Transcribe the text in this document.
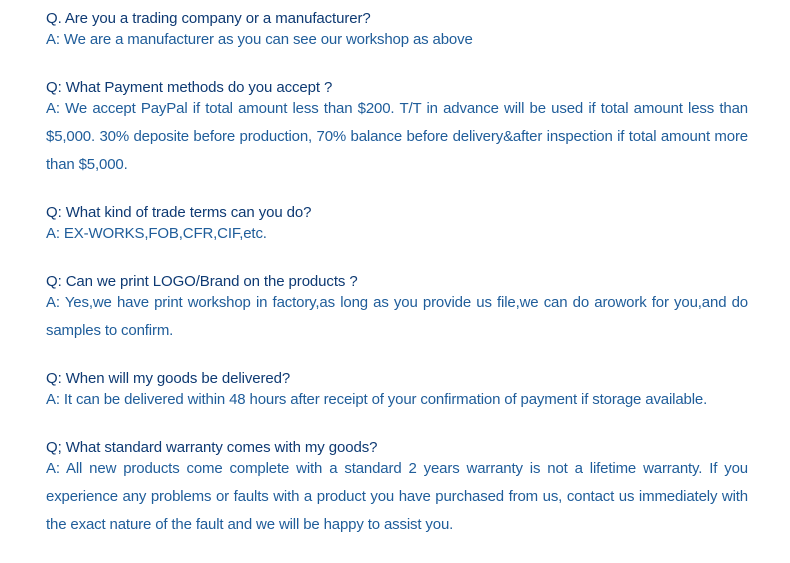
Q. Are you a trading company or a manufacturer?
A: We are a manufacturer as you can see our workshop as above
Q: What Payment methods do you accept ?
A: We accept PayPal if total amount less than $200. T/T in advance will be used if total amount less than $5,000. 30% deposite before production, 70% balance before delivery&after inspection if total amount more than $5,000.
Q: What kind of trade terms can you do?
A: EX-WORKS,FOB,CFR,CIF,etc.
Q: Can we print LOGO/Brand on the products ?
A: Yes,we have print workshop in factory,as long as you provide us file,we can do arowork for you,and do samples to confirm.
Q: When will my goods be delivered?
A: It can be delivered within 48 hours after receipt of your confirmation of payment if storage available.
Q; What standard warranty comes with my goods?
A: All new products come complete with a standard 2 years warranty is not a lifetime warranty. If you experience any problems or faults with a product you have purchased from us, contact us immediately with the exact nature of the fault and we will be happy to assist you.
